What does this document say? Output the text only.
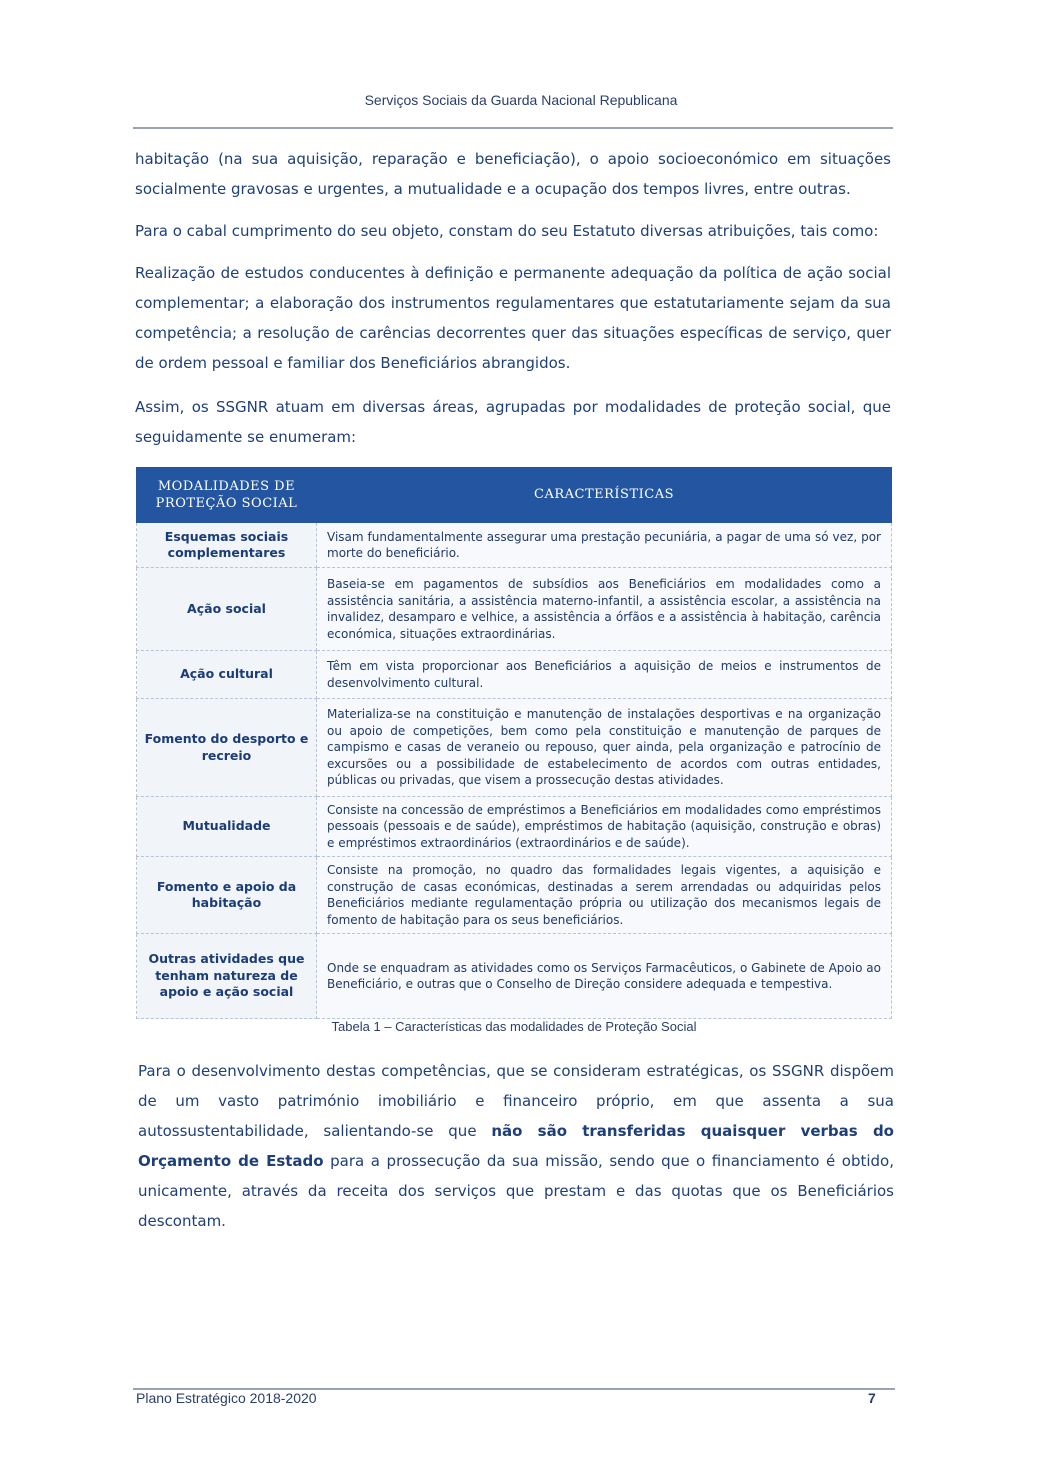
Serviços Sociais da Guarda Nacional Republicana

habitação (na sua aquisição, reparação e beneficiação), o apoio socioeconómico em situações socialmente gravosas e urgentes, a mutualidade e a ocupação dos tempos livres, entre outras.

Para o cabal cumprimento do seu objeto, constam do seu Estatuto diversas atribuições, tais como:

Realização de estudos conducentes à definição e permanente adequação da política de ação social complementar; a elaboração dos instrumentos regulamentares que estatutariamente sejam da sua competência; a resolução de carências decorrentes quer das situações específicas de serviço, quer de ordem pessoal e familiar dos Beneficiários abrangidos.

Assim, os SSGNR atuam em diversas áreas, agrupadas por modalidades de proteção social, que seguidamente se enumeram:

MODALIDADES DE PROTEÇÃO SOCIAL	CARACTERÍSTICAS
Esquemas sociais complementares	Visam fundamentalmente assegurar uma prestação pecuniária, a pagar de uma só vez, por morte do beneficiário.
Ação social	Baseia-se em pagamentos de subsídios aos Beneficiários em modalidades como a assistência sanitária, a assistência materno-infantil, a assistência escolar, a assistência na invalidez, desamparo e velhice, a assistência a órfãos e a assistência à habitação, carência económica, situações extraordinárias.
Ação cultural	Têm em vista proporcionar aos Beneficiários a aquisição de meios e instrumentos de desenvolvimento cultural.
Fomento do desporto e recreio	Materializa-se na constituição e manutenção de instalações desportivas e na organização ou apoio de competições, bem como pela constituição e manutenção de parques de campismo e casas de veraneio ou repouso, quer ainda, pela organização e patrocínio de excursões ou a possibilidade de estabelecimento de acordos com outras entidades, públicas ou privadas, que visem a prossecução destas atividades.
Mutualidade	Consiste na concessão de empréstimos a Beneficiários em modalidades como empréstimos pessoais (pessoais e de saúde), empréstimos de habitação (aquisição, construção e obras) e empréstimos extraordinários (extraordinários e de saúde).
Fomento e apoio da habitação	Consiste na promoção, no quadro das formalidades legais vigentes, a aquisição e construção de casas económicas, destinadas a serem arrendadas ou adquiridas pelos Beneficiários mediante regulamentação própria ou utilização dos mecanismos legais de fomento de habitação para os seus beneficiários.
Outras atividades que tenham natureza de apoio e ação social	Onde se enquadram as atividades como os Serviços Farmacêuticos, o Gabinete de Apoio ao Beneficiário, e outras que o Conselho de Direção considere adequada e tempestiva.
Tabela 1 – Características das modalidades de Proteção Social

Para o desenvolvimento destas competências, que se consideram estratégicas, os SSGNR dispõem de um vasto património imobiliário e financeiro próprio, em que assenta a sua autossustentabilidade, salientando-se que não são transferidas quaisquer verbas do Orçamento de Estado para a prossecução da sua missão, sendo que o financiamento é obtido, unicamente, através da receita dos serviços que prestam e das quotas que os Beneficiários descontam.

Plano Estratégico 2018-2020	7
